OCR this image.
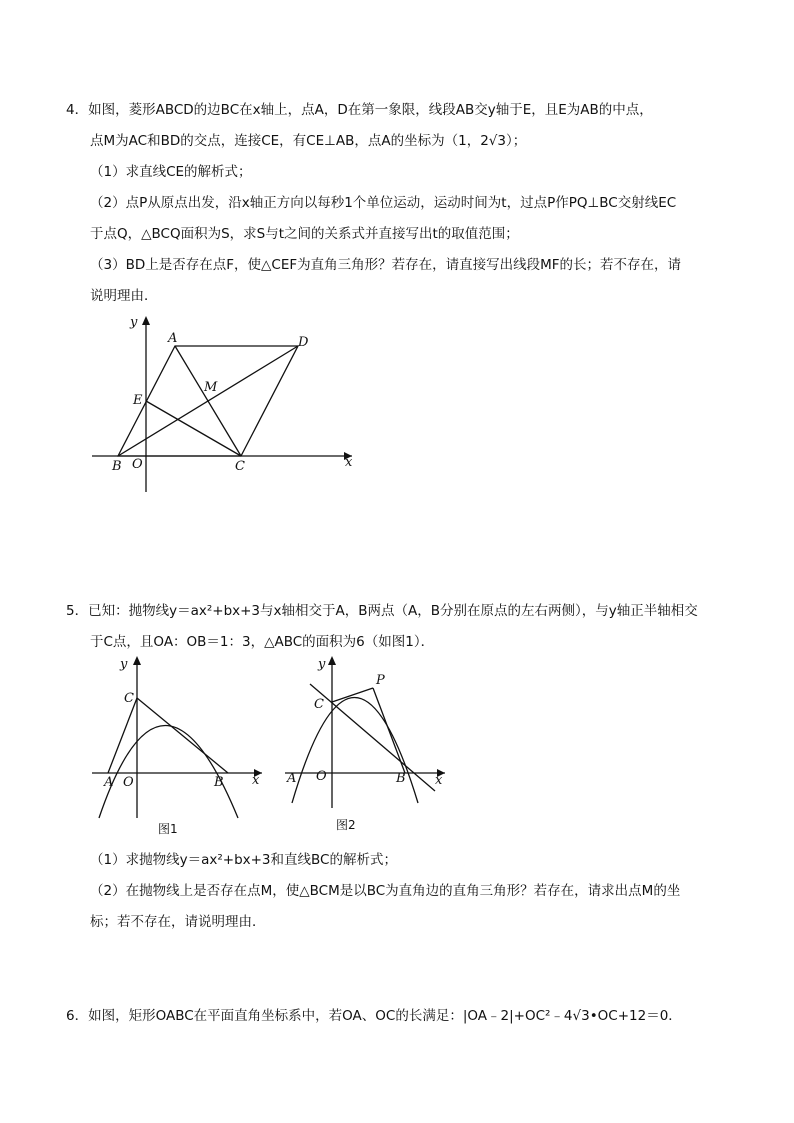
4．如图，菱形ABCD的边BC在x轴上，点A，D在第一象限，线段AB交y轴于E，且E为AB的中点，
点M为AC和BD的交点，连接CE，有CE⊥AB，点A的坐标为（1，2√3）；
（1）求直线CE的解析式；
（2）点P从原点出发，沿x轴正方向以每秒1个单位运动，运动时间为t，过点P作PQ⊥BC交射线EC
于点Q，△BCQ面积为S，求S与t之间的关系式并直接写出t的取值范围；
（3）BD上是否存在点F，使△CEF为直角三角形？若存在，请直接写出线段MF的长；若不存在，请
说明理由．
y
x
A	D
M
E
B O	C
5．已知：抛物线y＝ax²+bx+3与x轴相交于A，B两点（A，B分别在原点的左右两侧），与y轴正半轴相交
于C点，且OA：OB＝1：3，△ABC的面积为6（如图1）．
y
x
C
A O	B
图1
y
x
C
P
A O	B
图2
（1）求抛物线y＝ax²+bx+3和直线BC的解析式；
（2）在抛物线上是否存在点M，使△BCM是以BC为直角边的直角三角形？若存在，请求出点M的坐
标；若不存在，请说明理由．
6．如图，矩形OABC在平面直角坐标系中，若OA、OC的长满足：|OA﹣2|+OC²﹣4√3•OC+12＝0．
